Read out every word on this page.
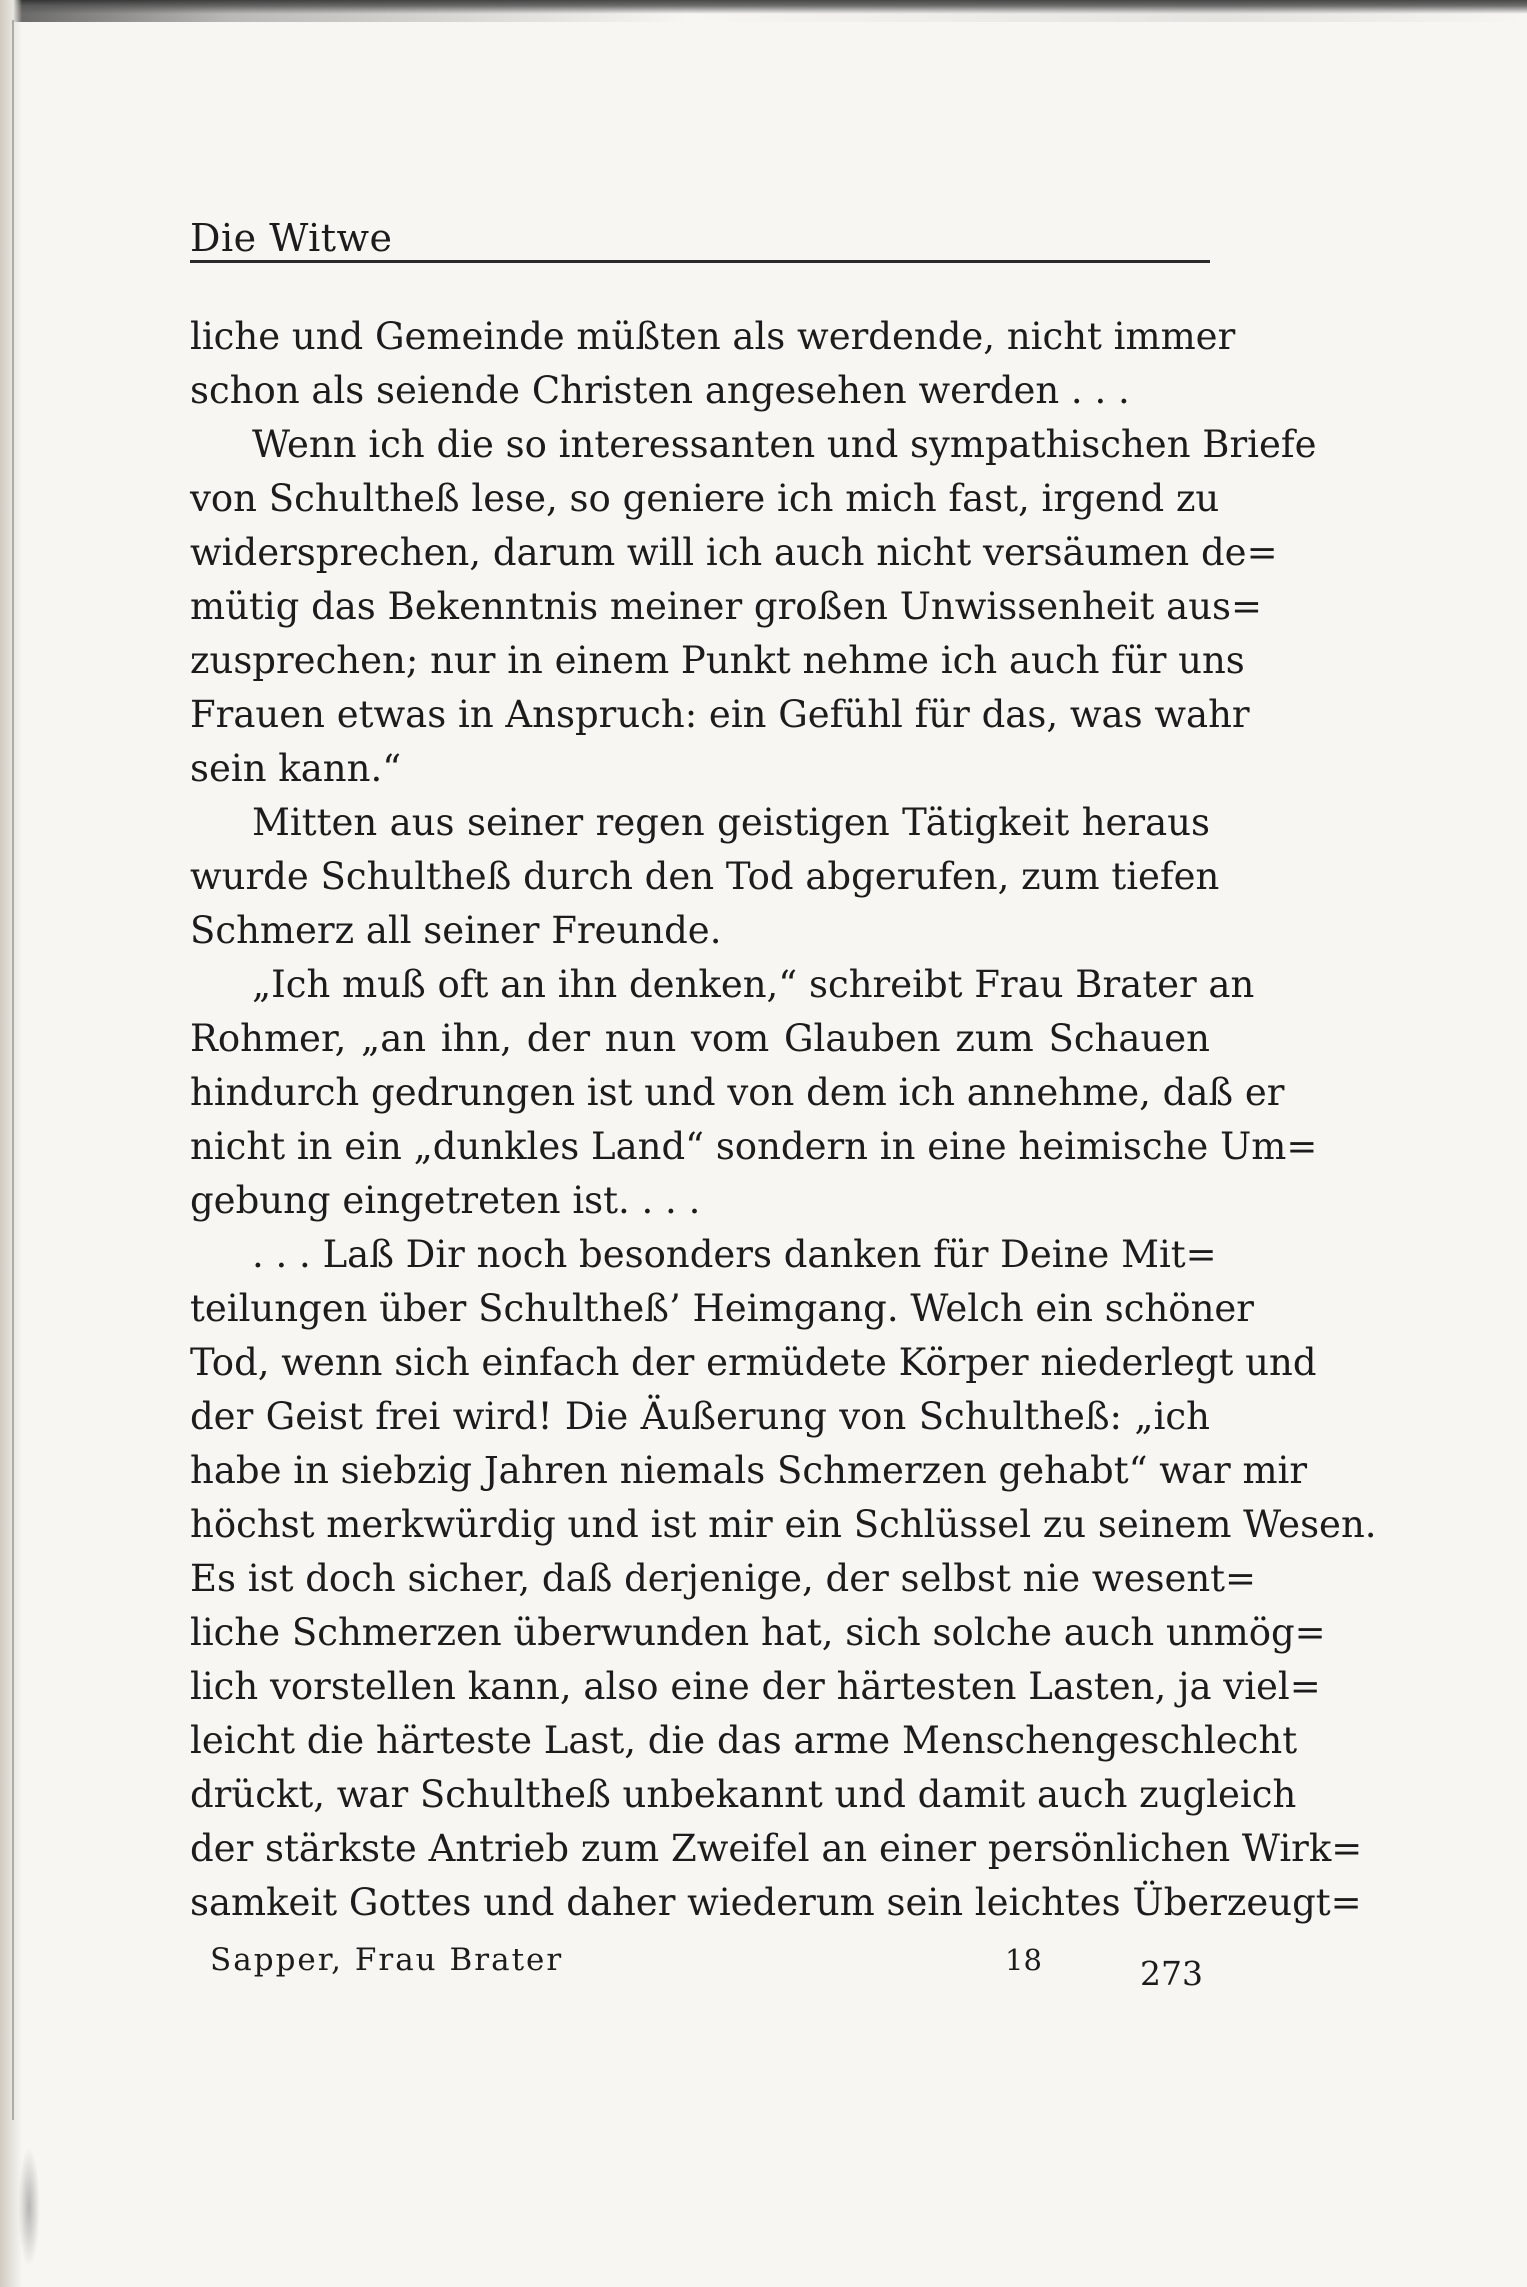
Die Witwe
liche und Gemeinde müßten als werdende, nicht immer
schon als seiende Christen angesehen werden . . .
Wenn ich die so interessanten und sympathischen Briefe
von Schultheß lese, so geniere ich mich fast, irgend zu
widersprechen, darum will ich auch nicht versäumen de=
mütig das Bekenntnis meiner großen Unwissenheit aus=
zusprechen; nur in einem Punkt nehme ich auch für uns
Frauen etwas in Anspruch: ein Gefühl für das, was wahr
sein kann.“
Mitten aus seiner regen geistigen Tätigkeit heraus
wurde Schultheß durch den Tod abgerufen, zum tiefen
Schmerz all seiner Freunde.
„Ich muß oft an ihn denken,“ schreibt Frau Brater an
Rohmer, „an ihn, der nun vom Glauben zum Schauen
hindurch gedrungen ist und von dem ich annehme, daß er
nicht in ein „dunkles Land“ sondern in eine heimische Um=
gebung eingetreten ist. . . .
. . . Laß Dir noch besonders danken für Deine Mit=
teilungen über Schultheß’ Heimgang. Welch ein schöner
Tod, wenn sich einfach der ermüdete Körper niederlegt und
der Geist frei wird! Die Äußerung von Schultheß: „ich
habe in siebzig Jahren niemals Schmerzen gehabt“ war mir
höchst merkwürdig und ist mir ein Schlüssel zu seinem Wesen.
Es ist doch sicher, daß derjenige, der selbst nie wesent=
liche Schmerzen überwunden hat, sich solche auch unmög=
lich vorstellen kann, also eine der härtesten Lasten, ja viel=
leicht die härteste Last, die das arme Menschengeschlecht
drückt, war Schultheß unbekannt und damit auch zugleich
der stärkste Antrieb zum Zweifel an einer persönlichen Wirk=
samkeit Gottes und daher wiederum sein leichtes Überzeugt=
Sapper, Frau Brater	18	273
